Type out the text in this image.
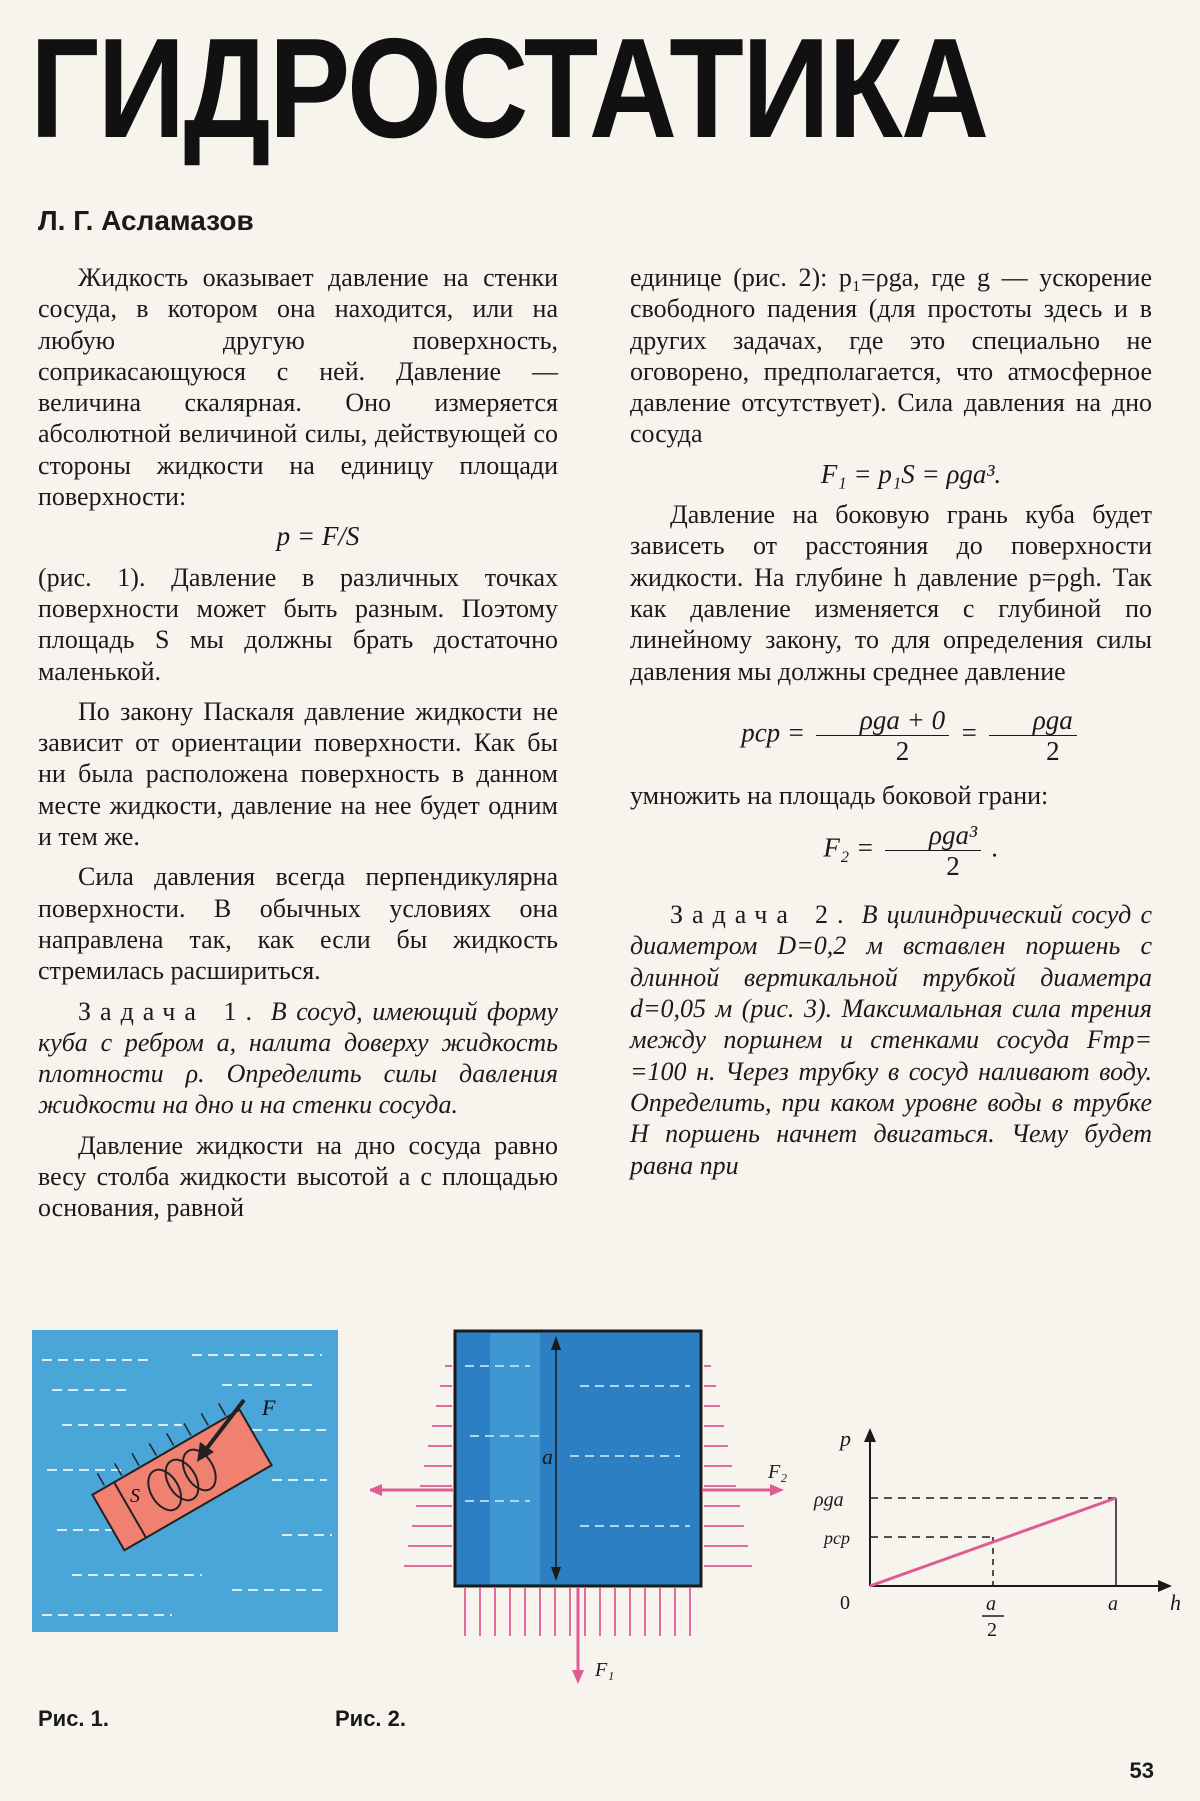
ГИДРОСТАТИКА
Л. Г. Асламазов

Жидкость оказывает давление на стенки сосуда, в котором она находится, или на любую другую поверхность, соприкасающуюся с ней. Давление — величина скалярная. Оно измеряется абсолютной величиной силы, действующей со стороны жидкости на единицу площади поверхности:

p = F/S

(рис. 1). Давление в различных точках поверхности может быть разным. Поэтому площадь S мы должны брать достаточно маленькой.

По закону Паскаля давление жидкости не зависит от ориентации поверхности. Как бы ни была расположена поверхность в данном месте жидкости, давление на нее будет одним и тем же.

Сила давления всегда перпендикулярна поверхности. В обычных условиях она направлена так, как если бы жидкость стремилась расшириться.

Задача 1. В сосуд, имеющий форму куба с ребром a, налита доверху жидкость плотности ρ. Определить силы давления жидкости на дно и на стенки сосуда.

Давление жидкости на дно сосуда равно весу столба жидкости высотой a с площадью основания, равной

единице (рис. 2): p₁=ρga, где g — ускорение свободного падения (для простоты здесь и в других задачах, где это специально не оговорено, предполагается, что атмосферное давление отсутствует). Сила давления на дно сосуда

F₁ = p₁S = ρga³.

Давление на боковую грань куба будет зависеть от расстояния до поверхности жидкости. На глубине h давление p=ρgh. Так как давление изменяется с глубиной по линейному закону, то для определения силы давления мы должны среднее давление

pср = $\frac{\text{ρga + 0}}{2} = \frac{\text{ρga}}{2}$

умножить на площадь боковой грани:

$F_2 = \frac{\text{ρga³}}{2}$ .

Задача 2. В цилиндрический сосуд с диаметром D=0,2 м вставлен поршень с длинной вертикальной трубкой диаметра d=0,05 м (рис. 3). Максимальная сила трения между поршнем и стенками сосуда Fтр= =100 н. Через трубку в сосуд наливают воду. Определить, при каком уровне воды в трубке H поршень начнет двигаться. Чему будет равна при

F
S
a
F₂
F₁
p
h
ρga
pср
0	a
2
a
Рис. 1.	Рис. 2.
53
